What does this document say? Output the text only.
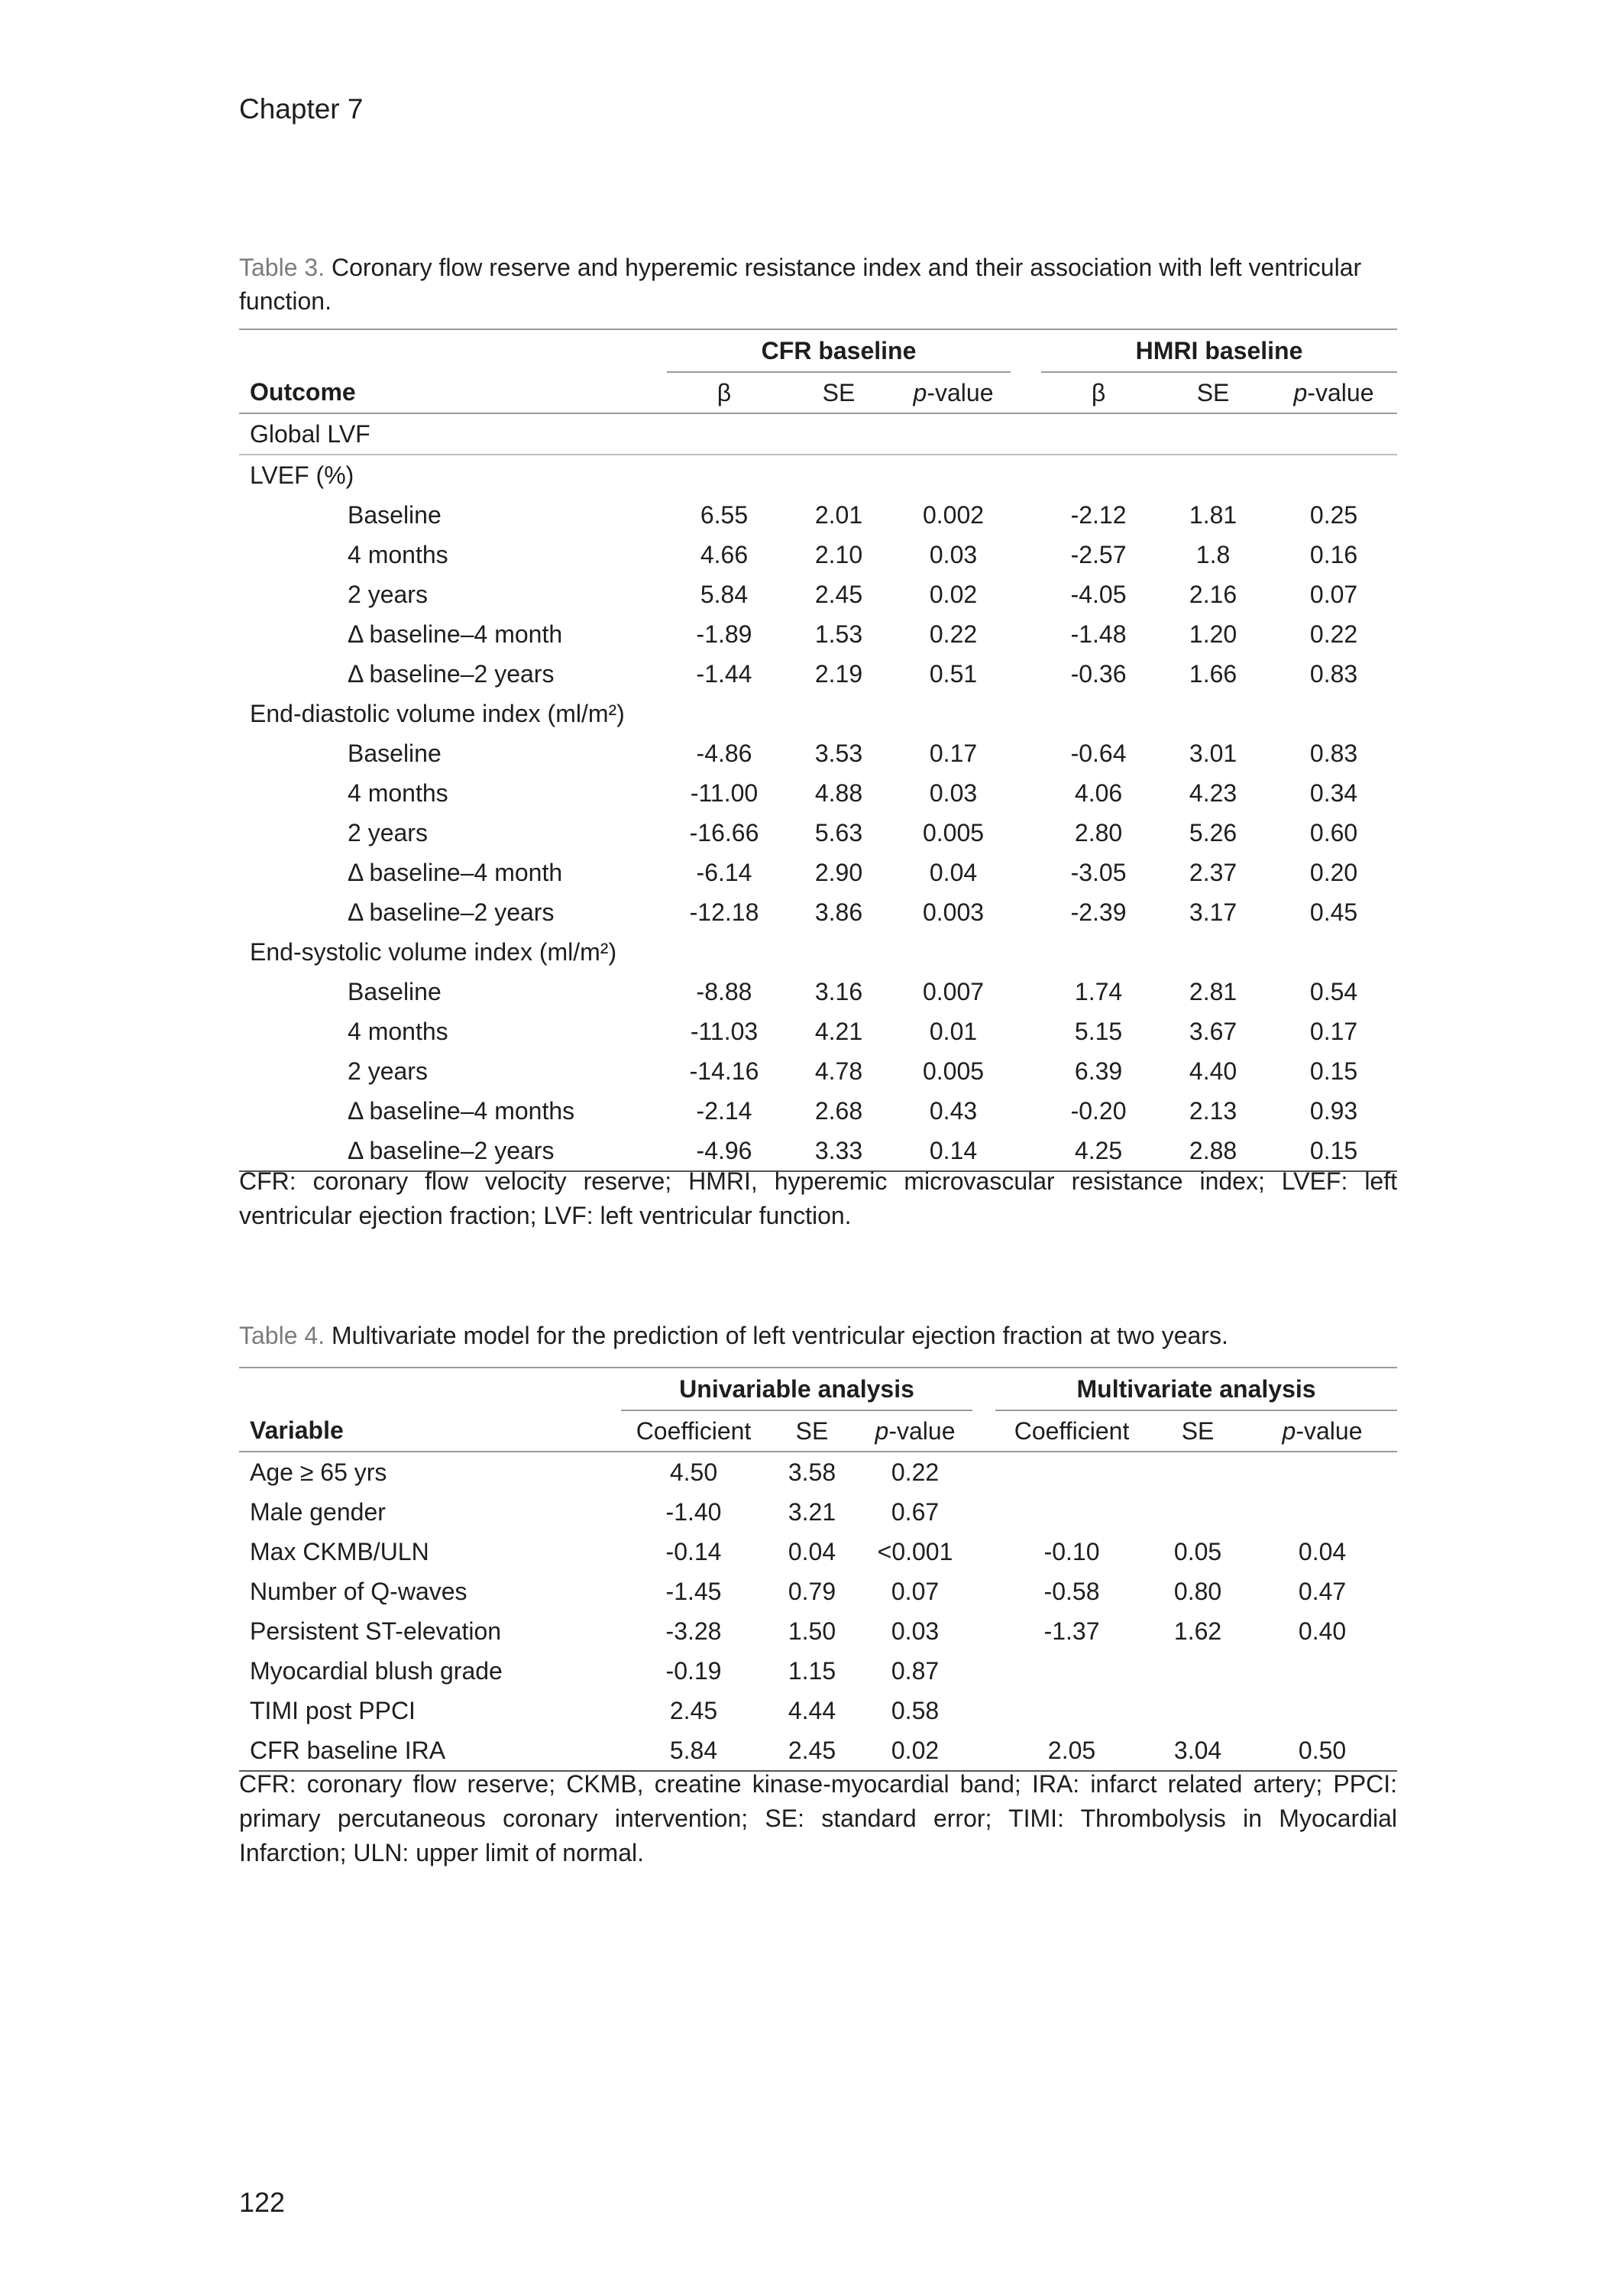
Chapter 7
Table 3. Coronary flow reserve and hyperemic resistance index and their association with left ventricular function.
	CFR baseline				HMRI baseline		
Outcome	β	SE	p-value		β	SE	p-value
Global LVF							
LVEF (%)							
Baseline	6.55	2.01	0.002		-2.12	1.81	0.25
4 months	4.66	2.10	0.03		-2.57	1.8	0.16
2 years	5.84	2.45	0.02		-4.05	2.16	0.07
Δ baseline–4 month	-1.89	1.53	0.22		-1.48	1.20	0.22
Δ baseline–2 years	-1.44	2.19	0.51		-0.36	1.66	0.83
End-diastolic volume index (ml/m²)							
Baseline	-4.86	3.53	0.17		-0.64	3.01	0.83
4 months	-11.00	4.88	0.03		4.06	4.23	0.34
2 years	-16.66	5.63	0.005		2.80	5.26	0.60
Δ baseline–4 month	-6.14	2.90	0.04		-3.05	2.37	0.20
Δ baseline–2 years	-12.18	3.86	0.003		-2.39	3.17	0.45
End-systolic volume index (ml/m²)							
Baseline	-8.88	3.16	0.007		1.74	2.81	0.54
4 months	-11.03	4.21	0.01		5.15	3.67	0.17
2 years	-14.16	4.78	0.005		6.39	4.40	0.15
Δ baseline–4 months	-2.14	2.68	0.43		-0.20	2.13	0.93
Δ baseline–2 years	-4.96	3.33	0.14		4.25	2.88	0.15
CFR: coronary flow velocity reserve; HMRI, hyperemic microvascular resistance index; LVEF: left ventricular ejection fraction; LVF: left ventricular function.
Table 4. Multivariate model for the prediction of left ventricular ejection fraction at two years.
	Univariable analysis				Multivariate analysis		
Variable	Coefficient	SE	p-value		Coefficient	SE	p-value
Age ≥ 65 yrs	4.50	3.58	0.22				
Male gender	-1.40	3.21	0.67				
Max CKMB/ULN	-0.14	0.04	<0.001		-0.10	0.05	0.04
Number of Q-waves	-1.45	0.79	0.07		-0.58	0.80	0.47
Persistent ST-elevation	-3.28	1.50	0.03		-1.37	1.62	0.40
Myocardial blush grade	-0.19	1.15	0.87				
TIMI post PPCI	2.45	4.44	0.58				
CFR baseline IRA	5.84	2.45	0.02		2.05	3.04	0.50
CFR: coronary flow reserve; CKMB, creatine kinase-myocardial band; IRA: infarct related artery; PPCI: primary percutaneous coronary intervention; SE: standard error; TIMI: Thrombolysis in Myocardial Infarction; ULN: upper limit of normal.
122
